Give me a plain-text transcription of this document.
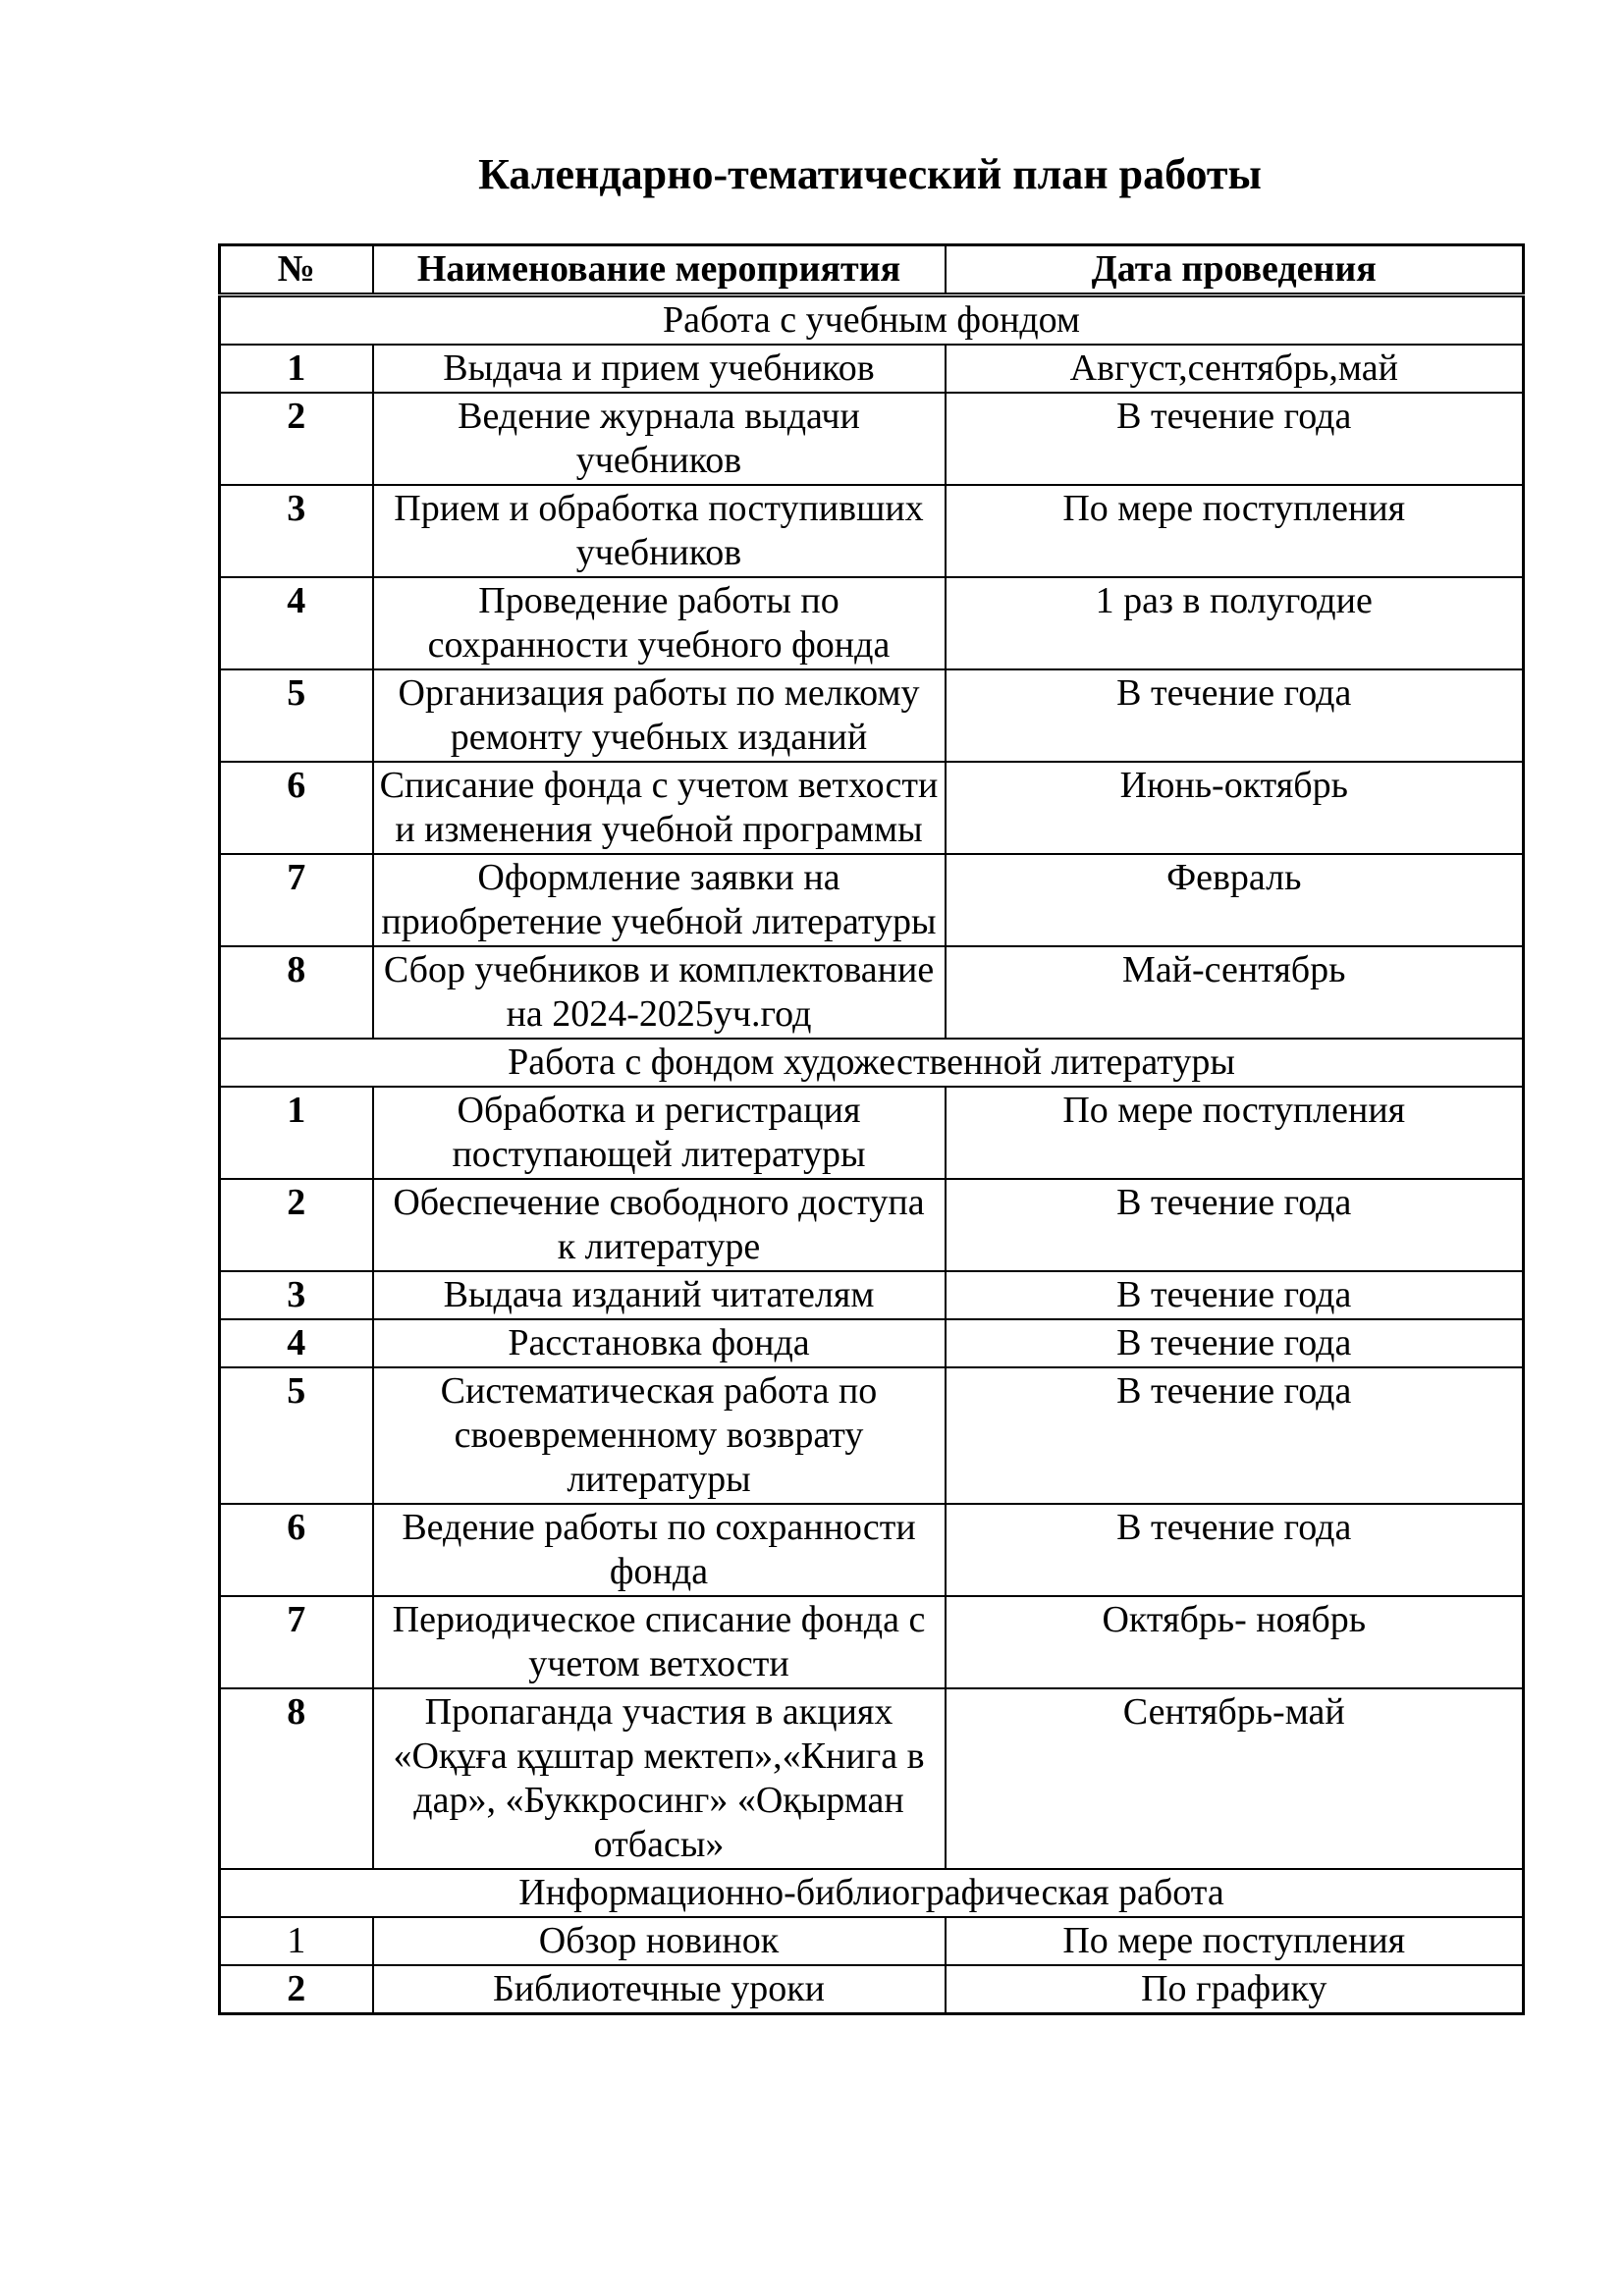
Календарно-тематический план работы
№	Наименование мероприятия	Дата проведения
Работа с учебным фондом		
1	Выдача и прием учебников	Август,сентябрь,май
2	Ведение журнала выдачи учебников	В течение года
3	Прием и обработка поступивших учебников	По мере поступления
4	Проведение работы по сохранности учебного фонда	1 раз в полугодие
5	Организация работы по мелкому ремонту учебных изданий	В течение года
6	Списание фонда с учетом ветхости и изменения учебной программы	Июнь-октябрь
7	Оформление заявки на приобретение учебной литературы	Февраль
8	Сбор учебников и комплектование на 2024-2025уч.год	Май-сентябрь
Работа с фондом художественной литературы		
1	Обработка и регистрация поступающей литературы	По мере поступления
2	Обеспечение свободного доступа к литературе	В течение года
3	Выдача изданий читателям	В течение года
4	Расстановка фонда	В течение года
5	Систематическая работа по своевременному возврату литературы	В течение года
6	Ведение работы по сохранности фонда	В течение года
7	Периодическое списание фонда с учетом ветхости	Октябрь- ноябрь
8	Пропаганда участия в акциях «Оқұға құштар мектеп»,«Книга в дар», «Буккросинг» «Оқырман отбасы»	Сентябрь-май
Информационно-библиографическая работа		
1	Обзор новинок	По мере поступления
2	Библиотечные уроки	По графику
